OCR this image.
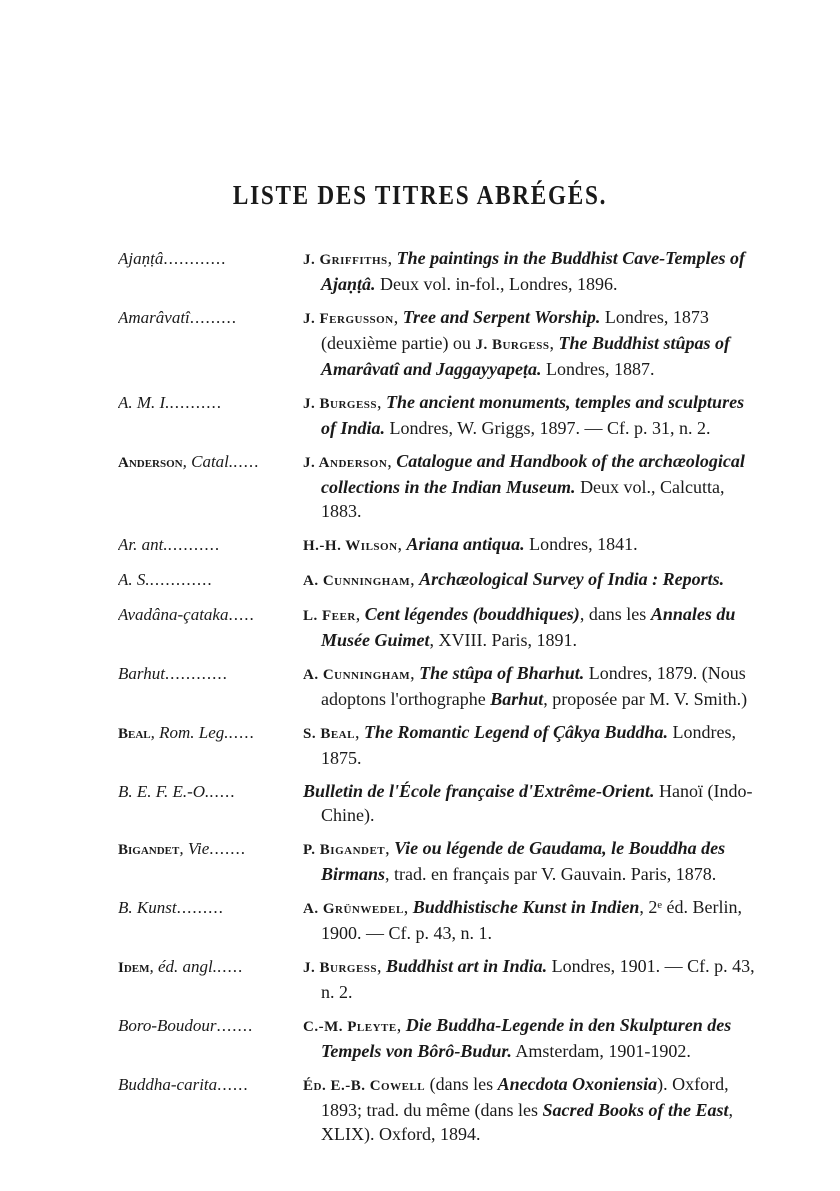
LISTE DES TITRES ABRÉGÉS.
Ajaṇṭâ............	J. Griffiths, The paintings in the Buddhist Cave-Temples of Ajaṇṭâ. Deux vol. in-fol., Londres, 1896.
Amarâvatî.........	J. Fergusson, Tree and Serpent Worship. Londres, 1873 (deuxième partie) ou J. Burgess, The Buddhist stûpas of Amarâvatî and Jaggayyapeṭa. Londres, 1887.
A. M. I...........	J. Burgess, The ancient monuments, temples and sculptures of India. Londres, W. Griggs, 1897. — Cf. p. 31, n. 2.
Anderson, Catal......	J. Anderson, Catalogue and Handbook of the archæological collections in the Indian Museum. Deux vol., Calcutta, 1883.
Ar. ant...........	H.-H. Wilson, Ariana antiqua. Londres, 1841.
A. S.............	A. Cunningham, Archæological Survey of India : Reports.
Avadâna-çataka.....	L. Feer, Cent légendes (bouddhiques), dans les Annales du Musée Guimet, XVIII. Paris, 1891.
Barhut............	A. Cunningham, The stûpa of Bharhut. Londres, 1879. (Nous adoptons l'orthographe Barhut, proposée par M. V. Smith.)
Beal, Rom. Leg......	S. Beal, The Romantic Legend of Çâkya Buddha. Londres, 1875.
B. E. F. E.-O......	Bulletin de l'École française d'Extrême-Orient. Hanoï (Indo-Chine).
Bigandet, Vie.......	P. Bigandet, Vie ou légende de Gaudama, le Bouddha des Birmans, trad. en français par V. Gauvain. Paris, 1878.
B. Kunst.........	A. Grünwedel, Buddhistische Kunst in Indien, 2ᵉ éd. Berlin, 1900. — Cf. p. 43, n. 1.
Idem, éd. angl......	J. Burgess, Buddhist art in India. Londres, 1901. — Cf. p. 43, n. 2.
Boro-Boudour.......	C.-M. Pleyte, Die Buddha-Legende in den Skulpturen des Tempels von Bôrô-Budur. Amsterdam, 1901-1902.
Buddha-carita......	Éd. E.-B. Cowell (dans les Anecdota Oxoniensia). Oxford, 1893; trad. du même (dans les Sacred Books of the East, XLIX). Oxford, 1894.
